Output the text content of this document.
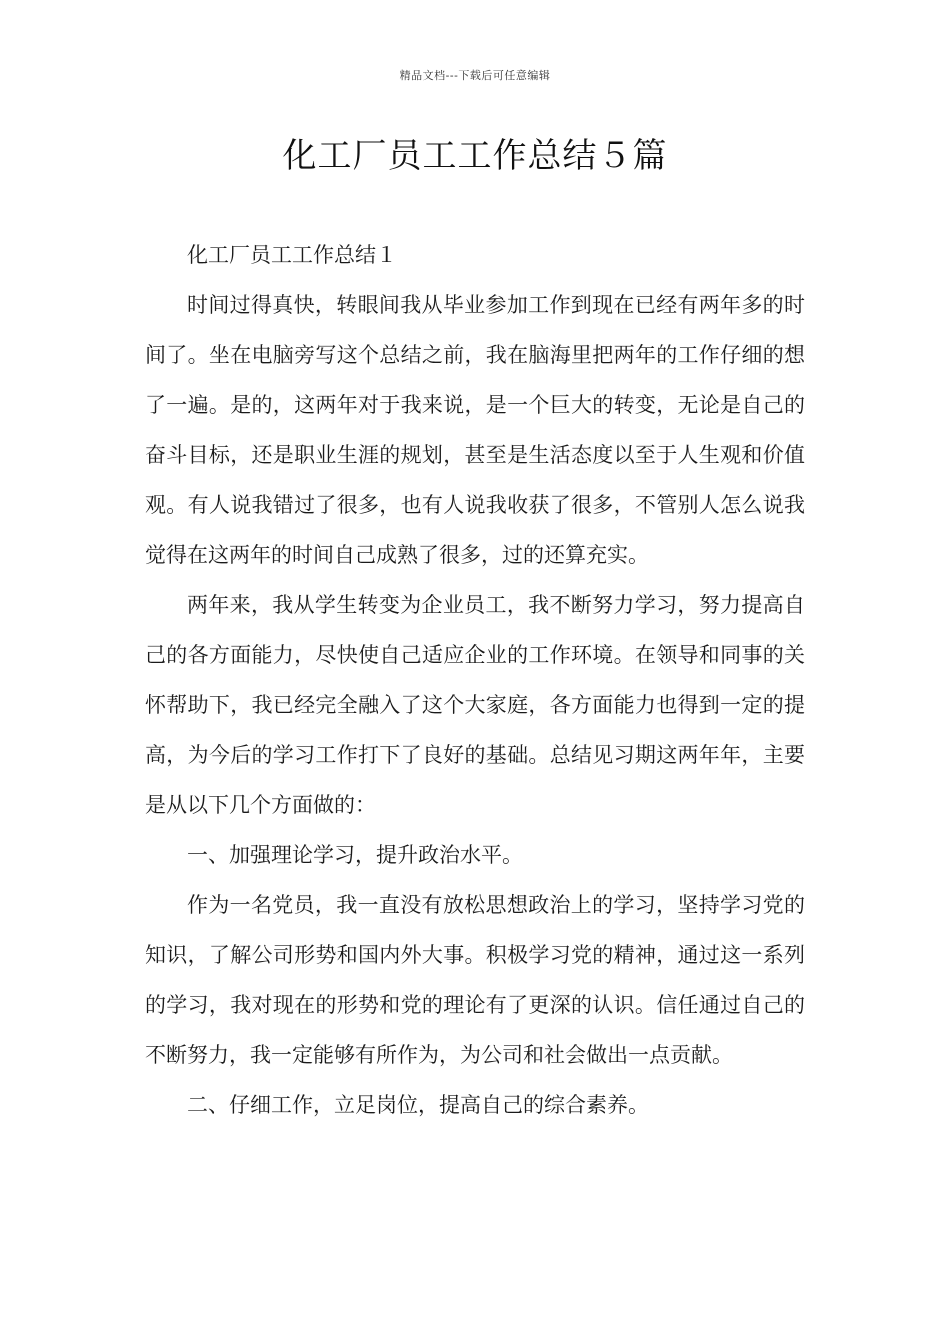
精品文档---下载后可任意编辑
化工厂员工工作总结５篇

化工厂员工工作总结１

时间过得真快，转眼间我从毕业参加工作到现在已经有两年多的时间了。坐在电脑旁写这个总结之前，我在脑海里把两年的工作仔细的想了一遍。是的，这两年对于我来说，是一个巨大的转变，无论是自己的奋斗目标，还是职业生涯的规划，甚至是生活态度以至于人生观和价值观。有人说我错过了很多，也有人说我收获了很多，不管别人怎么说我觉得在这两年的时间自己成熟了很多，过的还算充实。

两年来，我从学生转变为企业员工，我不断努力学习，努力提高自己的各方面能力，尽快使自己适应企业的工作环境。在领导和同事的关怀帮助下，我已经完全融入了这个大家庭，各方面能力也得到一定的提高，为今后的学习工作打下了良好的基础。总结见习期这两年年，主要是从以下几个方面做的：

一、加强理论学习，提升政治水平。

作为一名党员，我一直没有放松思想政治上的学习，坚持学习党的知识，了解公司形势和国内外大事。积极学习党的精神，通过这一系列的学习，我对现在的形势和党的理论有了更深的认识。信任通过自己的不断努力，我一定能够有所作为，为公司和社会做出一点贡献。

二、仔细工作，立足岗位，提高自己的综合素养。
